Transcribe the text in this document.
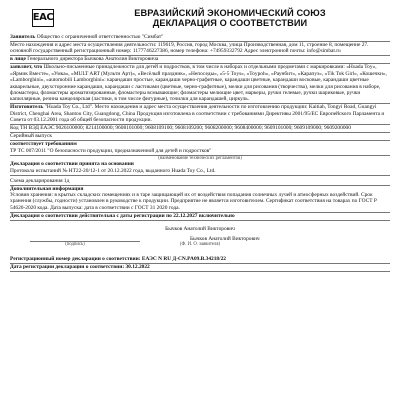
EAC	ЕВРАЗИЙСКИЙ ЭКОНОМИЧЕСКИЙ СОЮЗ
ДЕКЛАРАЦИЯ О СООТВЕТСТВИИ

Заявитель Общество с ограниченной ответственностью "Симбат"

Место нахождения и адрес места осуществления деятельности: 119619, Россия, город Москва, улица Производственная, дом 11, строение 8, помещение 27. основной государственный регистрационный номер: 1177746227386, номер телефона: +74959332792 Адрес электронной почты: info@simbat.ru

в лице Генерального директора Бычкова Анатолия Викторовича

заявляет, что Школьно-письменные принадлежности для детей и подростков, в том числе в наборах и отдельными предметами с маркировками: «Huada Toy», «Ярмик Вместе», «Умка», «MULT ART (Мульти Арт)», «Весёлый праздник», «Непоседы», «5-5 Toys», «Toypoh», «Раунбит», «Карапуз», «Tik Tok Girl», «Кошечки», «Lamborghini», «automobili Lamborghini»: карандаши простые, карандаши черно-графитные, карандаши цветные, карандаши восковые, карандаши цветные акварельные, двухсторонние карандаши, карандаши с ластиками (цветные, черно-графитные), мелки для рисования (творчества), мелки для рисования в наборе, фломастеры, фломастеры ароматизированные, фломастеры всмывающие; фломастеры мелющие цвет, маркеры, ручки гелевые, ручки шариковые, ручки капиллярные, резина канцелярская (ластики, в том числе фигурные), точилки для карандашей, циркуль.

Изготовитель "Huada Toy Co., Ltd". Место нахождения и адрес места осуществления деятельности по изготовлению продукции: Kaitiah, Tongyi Road, Guangyi District, Chenghai Area, Shantou City, Guangdong, China Продукция изготовлена в соответствии с требованиями Директивы 2001/95/ЕС Европейского Парламента и Совета от 03.12.2001 года об общей безопасности продукции.

Код ТН ВЭД ЕАЭС 9026100000; 8214100000; 9608101000; 9608109100; 9608109200; 9608200000; 9608400000; 9609101000; 9609109000; 9609200000

Серийный выпуск

соответствует требованиям

ТР ТС 007/2011 "О безопасности продукции, предназначенной для детей и подростков"

(наименование технических регламентов)

Декларация о соответствии принята на основании

Протокола испытаний № НТ22-20/12-1 от 20.12.2022 года, выданного Huada Toy Co., Ltd.

Схема декларирования 1д

Дополнительная информация

Условия хранения: в крытых складских помещениях и в таре защищающей их от воздействия попадания солнечных лучей и атмосферных воздействий. Срок хранения (службы, годности) установлен в руководстве к продукции. Предприятие не является изготовителем. Сертификат соответствия на товарах по ГОСТ Р 54620-2020 кода. Дата выпуска: дата в соответствии с ГОСТ 31 2020 года.

Декларация о соответствии действительна с даты регистрации по 22.12.2027 включительно

Бычков Анатолий Викторович

Бычков Анатолий Викторович
(подпись)	(Ф. И. О. заявителя)

Регистрационный номер декларации о соответствии: ЕАЭС N RU Д-CN.PA09.B.34218/22

Дата регистрации декларации о соответствии: 30.12.2022
